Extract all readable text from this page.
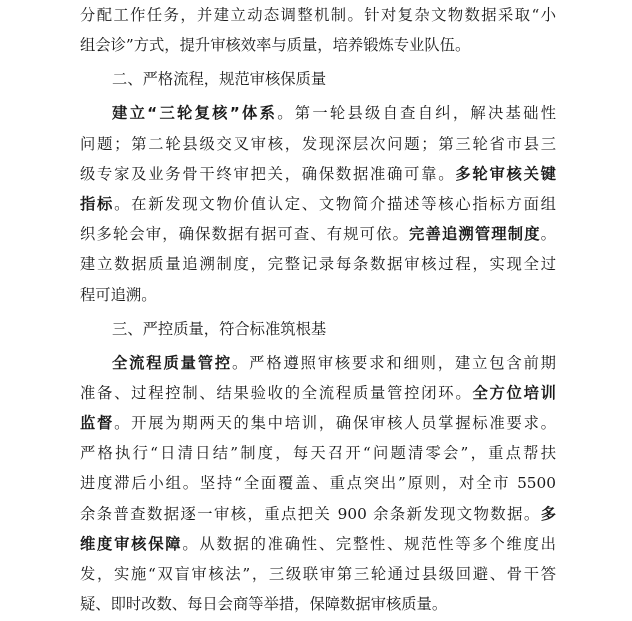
分配工作任务，并建立动态调整机制。针对复杂文物数据采取“小
组会诊”方式，提升审核效率与质量，培养锻炼专业队伍。
二、严格流程，规范审核保质量
建立“三轮复核”体系。第一轮县级自查自纠，解决基础性
问题；第二轮县级交叉审核，发现深层次问题；第三轮省市县三
级专家及业务骨干终审把关，确保数据准确可靠。多轮审核关键
指标。在新发现文物价值认定、文物简介描述等核心指标方面组
织多轮会审，确保数据有据可查、有规可依。完善追溯管理制度。
建立数据质量追溯制度，完整记录每条数据审核过程，实现全过
程可追溯。
三、严控质量，符合标准筑根基
全流程质量管控。严格遵照审核要求和细则，建立包含前期
准备、过程控制、结果验收的全流程质量管控闭环。全方位培训
监督。开展为期两天的集中培训，确保审核人员掌握标准要求。
严格执行“日清日结”制度，每天召开“问题清零会”，重点帮扶
进度滞后小组。坚持“全面覆盖、重点突出”原则，对全市 5500
余条普查数据逐一审核，重点把关 900 余条新发现文物数据。多
维度审核保障。从数据的准确性、完整性、规范性等多个维度出
发，实施“双盲审核法”，三级联审第三轮通过县级回避、骨干答
疑、即时改数、每日会商等举措，保障数据审核质量。
